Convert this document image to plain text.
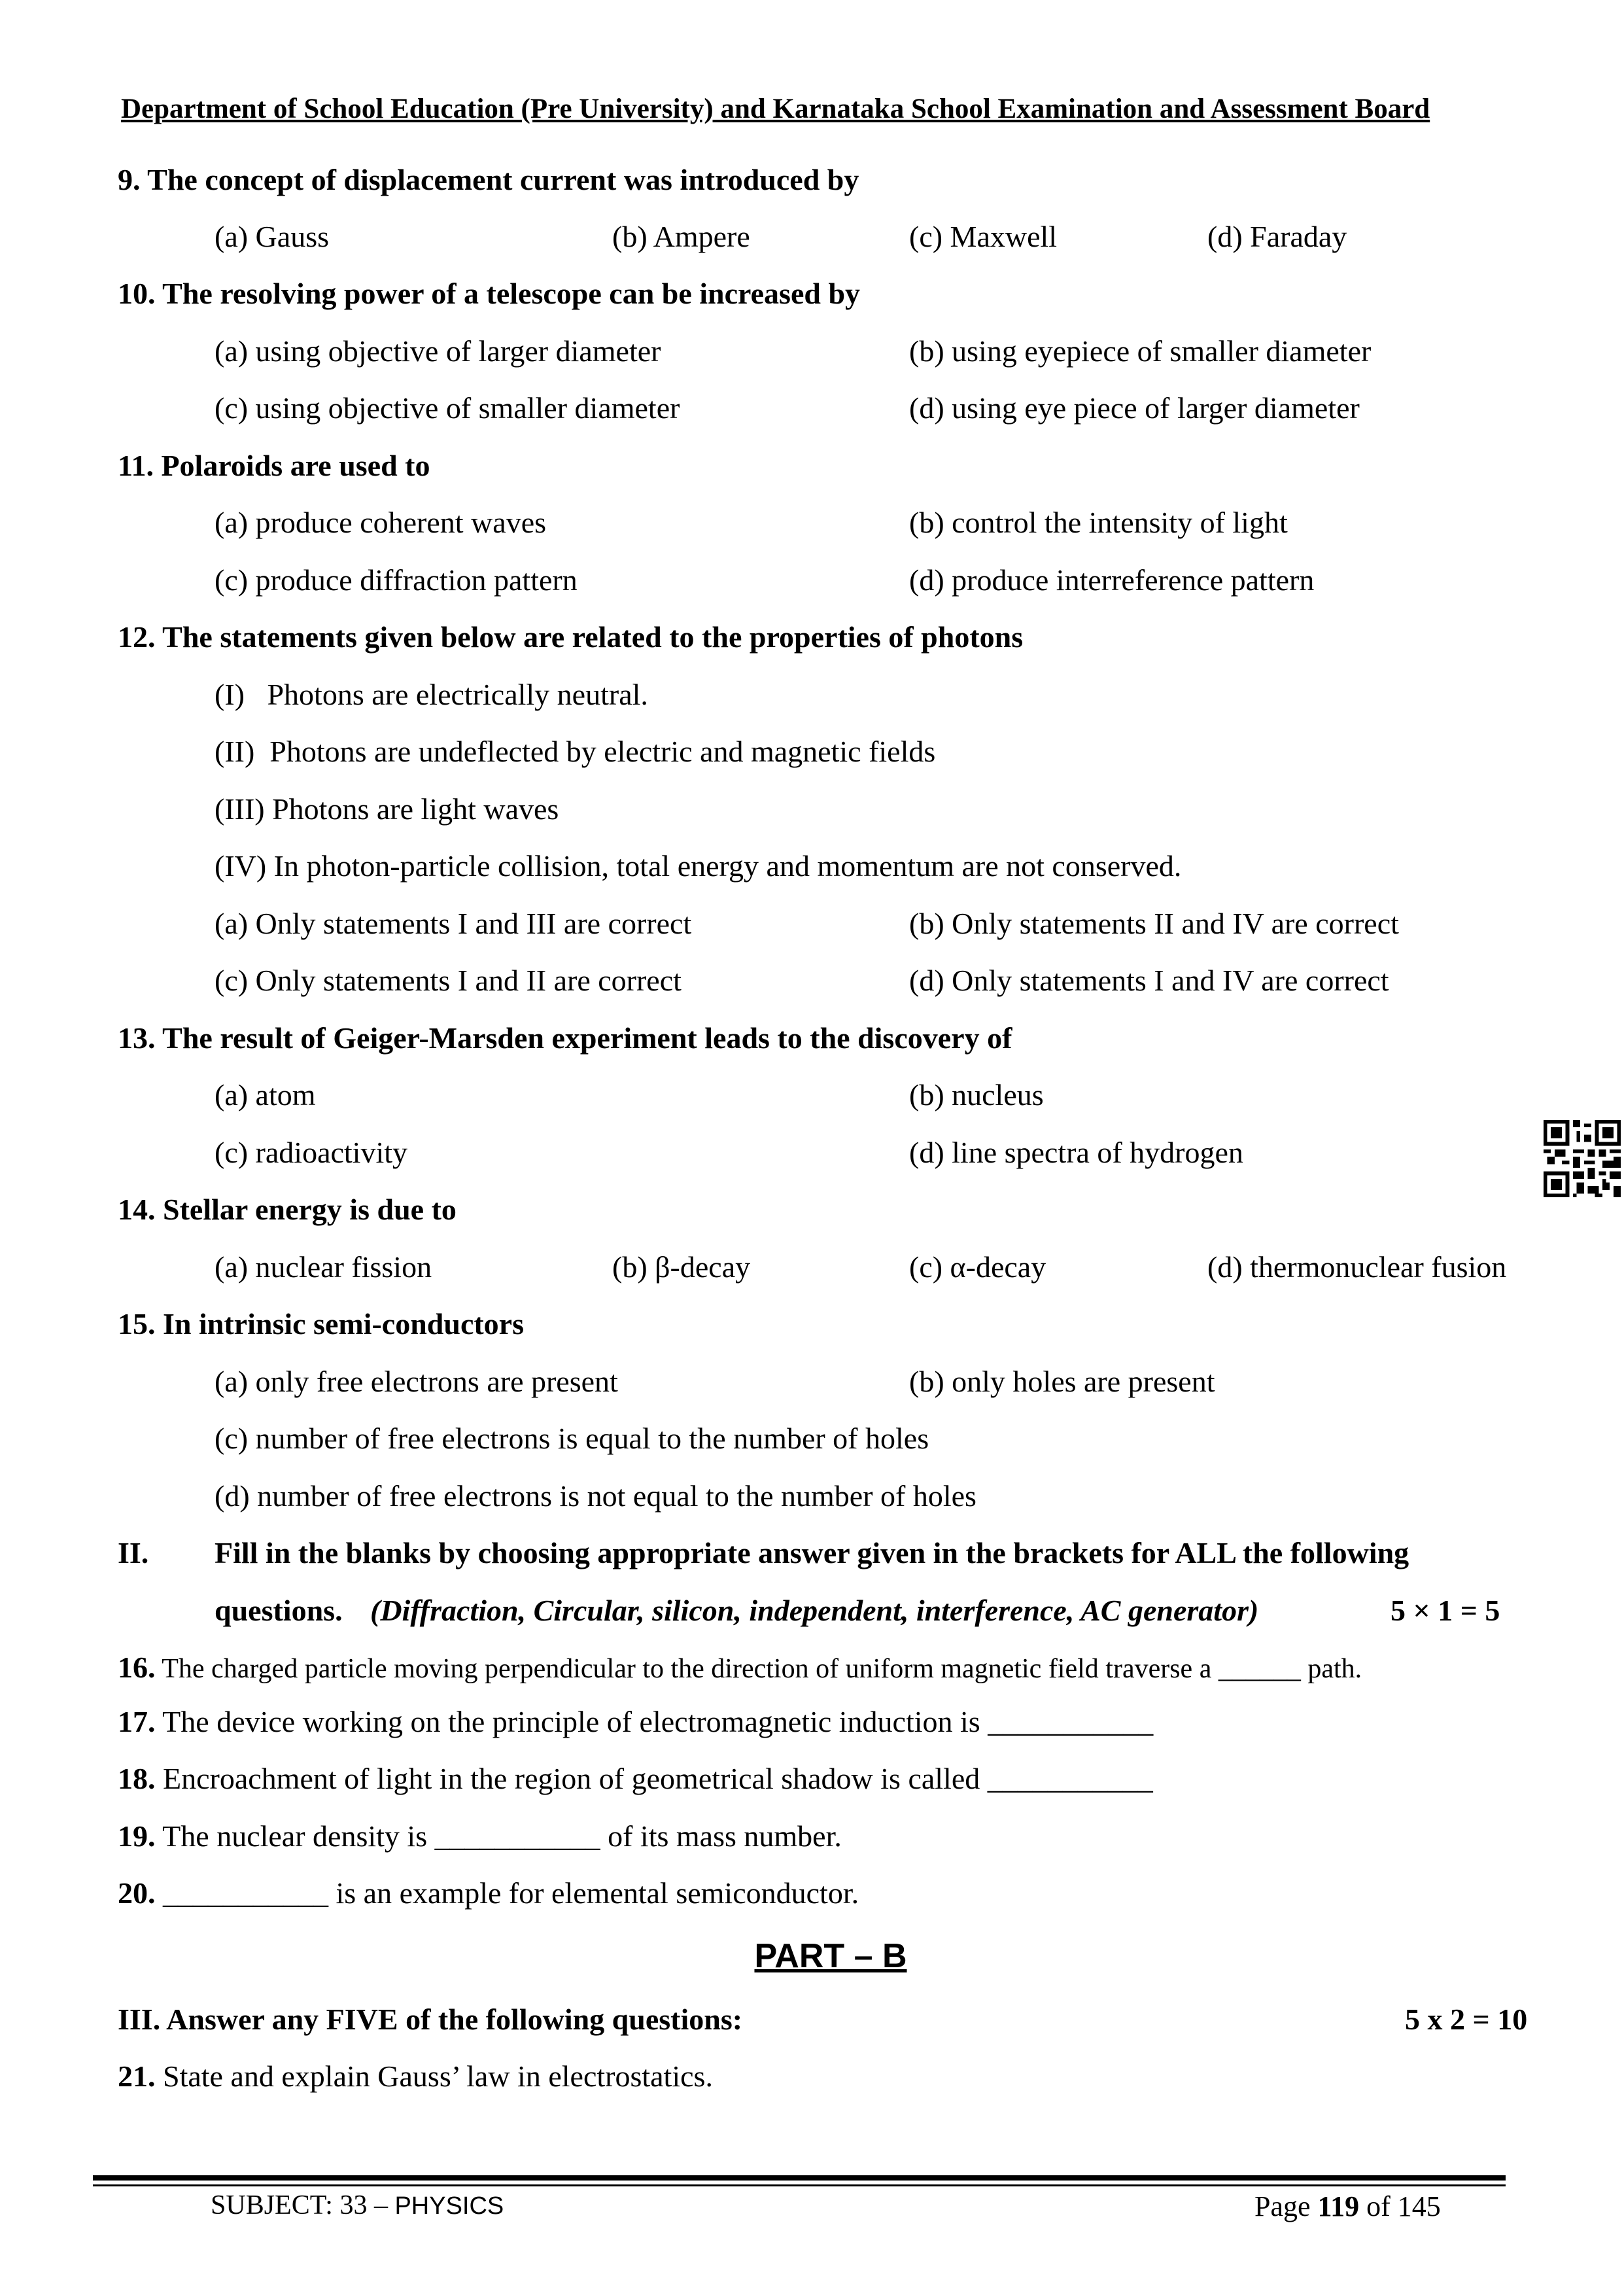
Department of School Education (Pre University) and Karnataka School Examination and Assessment Board
9. The concept of displacement current was introduced by
(a) Gauss	(b) Ampere	(c) Maxwell	(d) Faraday
10. The resolving power of a telescope can be increased by
(a) using objective of larger diameter	(b) using eyepiece of smaller diameter
(c) using objective of smaller diameter	(d) using eye piece of larger diameter
11. Polaroids are used to
(a) produce coherent waves	(b) control the intensity of light
(c) produce diffraction pattern	(d) produce interreference pattern
12. The statements given below are related to the properties of photons
(I)   Photons are electrically neutral.
(II)  Photons are undeflected by electric and magnetic fields
(III) Photons are light waves
(IV) In photon-particle collision, total energy and momentum are not conserved.
(a) Only statements I and III are correct	(b) Only statements II and IV are correct
(c) Only statements I and II are correct	(d) Only statements I and IV are correct
13. The result of Geiger-Marsden experiment leads to the discovery of
(a) atom	(b) nucleus
(c) radioactivity	(d) line spectra of hydrogen
14. Stellar energy is due to
(a) nuclear fission	(b) β-decay	(c) α-decay	(d) thermonuclear fusion
15. In intrinsic semi-conductors
(a) only free electrons are present	(b) only holes are present
(c) number of free electrons is equal to the number of holes
(d) number of free electrons is not equal to the number of holes
II. Fill in the blanks by choosing appropriate answer given in the brackets for ALL the following
questions. (Diffraction, Circular, silicon, independent, interference, AC generator)	5 × 1 = 5
16. The charged particle moving perpendicular to the direction of uniform magnetic field traverse a ______ path.
17. The device working on the principle of electromagnetic induction is ___________
18. Encroachment of light in the region of geometrical shadow is called ___________
19. The nuclear density is ___________ of its mass number.
20. ___________ is an example for elemental semiconductor.
PART – B
III. Answer any FIVE of the following questions:	5 x 2 = 10
21. State and explain Gauss’ law in electrostatics.
SUBJECT: 33 – PHYSICS	Page 119 of 145
